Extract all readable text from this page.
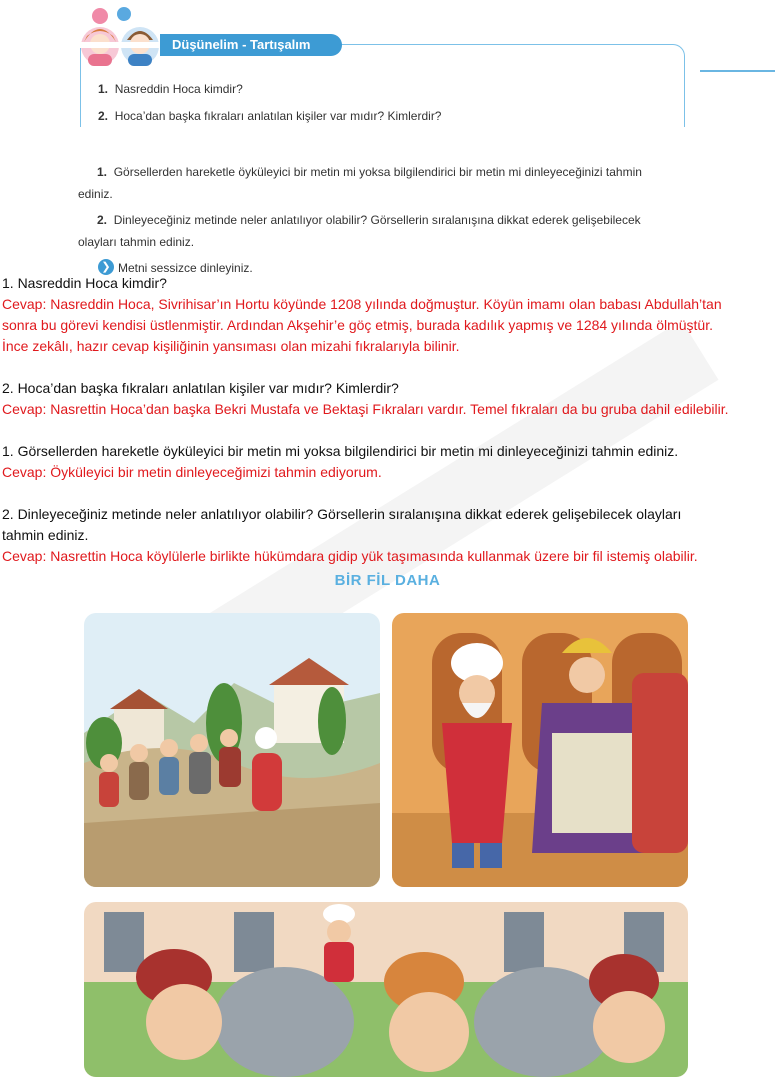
Düşünelim - Tartışalım
1. Nasreddin Hoca kimdir?
2. Hoca’dan başka fıkraları anlatılan kişiler var mıdır? Kimlerdir?
1. Görsellerden hareketle öyküleyici bir metin mi yoksa bilgilendirici bir metin mi dinleyeceğinizi tahmin
ediniz.
2. Dinleyeceğiniz metinde neler anlatılıyor olabilir? Görsellerin sıralanışına dikkat ederek gelişebilecek
olayları tahmin ediniz.
❯ Metni sessizce dinleyiniz.
1. Nasreddin Hoca kimdir?
Cevap: Nasreddin Hoca, Sivrihisar’ın Hortu köyünde 1208 yılında doğmuştur. Köyün imamı olan babası Abdullah’tan
sonra bu görevi kendisi üstlenmiştir. Ardından Akşehir’e göç etmiş, burada kadılık yapmış ve 1284 yılında ölmüştür.
İnce zekâlı, hazır cevap kişiliğinin yansıması olan mizahi fıkralarıyla bilinir.
2. Hoca’dan başka fıkraları anlatılan kişiler var mıdır? Kimlerdir?
Cevap: Nasrettin Hoca’dan başka Bekri Mustafa ve Bektaşi Fıkraları vardır. Temel fıkraları da bu gruba dahil edilebilir.
1. Görsellerden hareketle öyküleyici bir metin mi yoksa bilgilendirici bir metin mi dinleyeceğinizi tahmin ediniz.
Cevap: Öyküleyici bir metin dinleyeceğimizi tahmin ediyorum.
2. Dinleyeceğiniz metinde neler anlatılıyor olabilir? Görsellerin sıralanışına dikkat ederek gelişebilecek olayları
tahmin ediniz.
Cevap: Nasrettin Hoca köylülerle birlikte hükümdara gidip yük taşımasında kullanmak üzere bir fil istemiş olabilir.
BİR FİL DAHA
